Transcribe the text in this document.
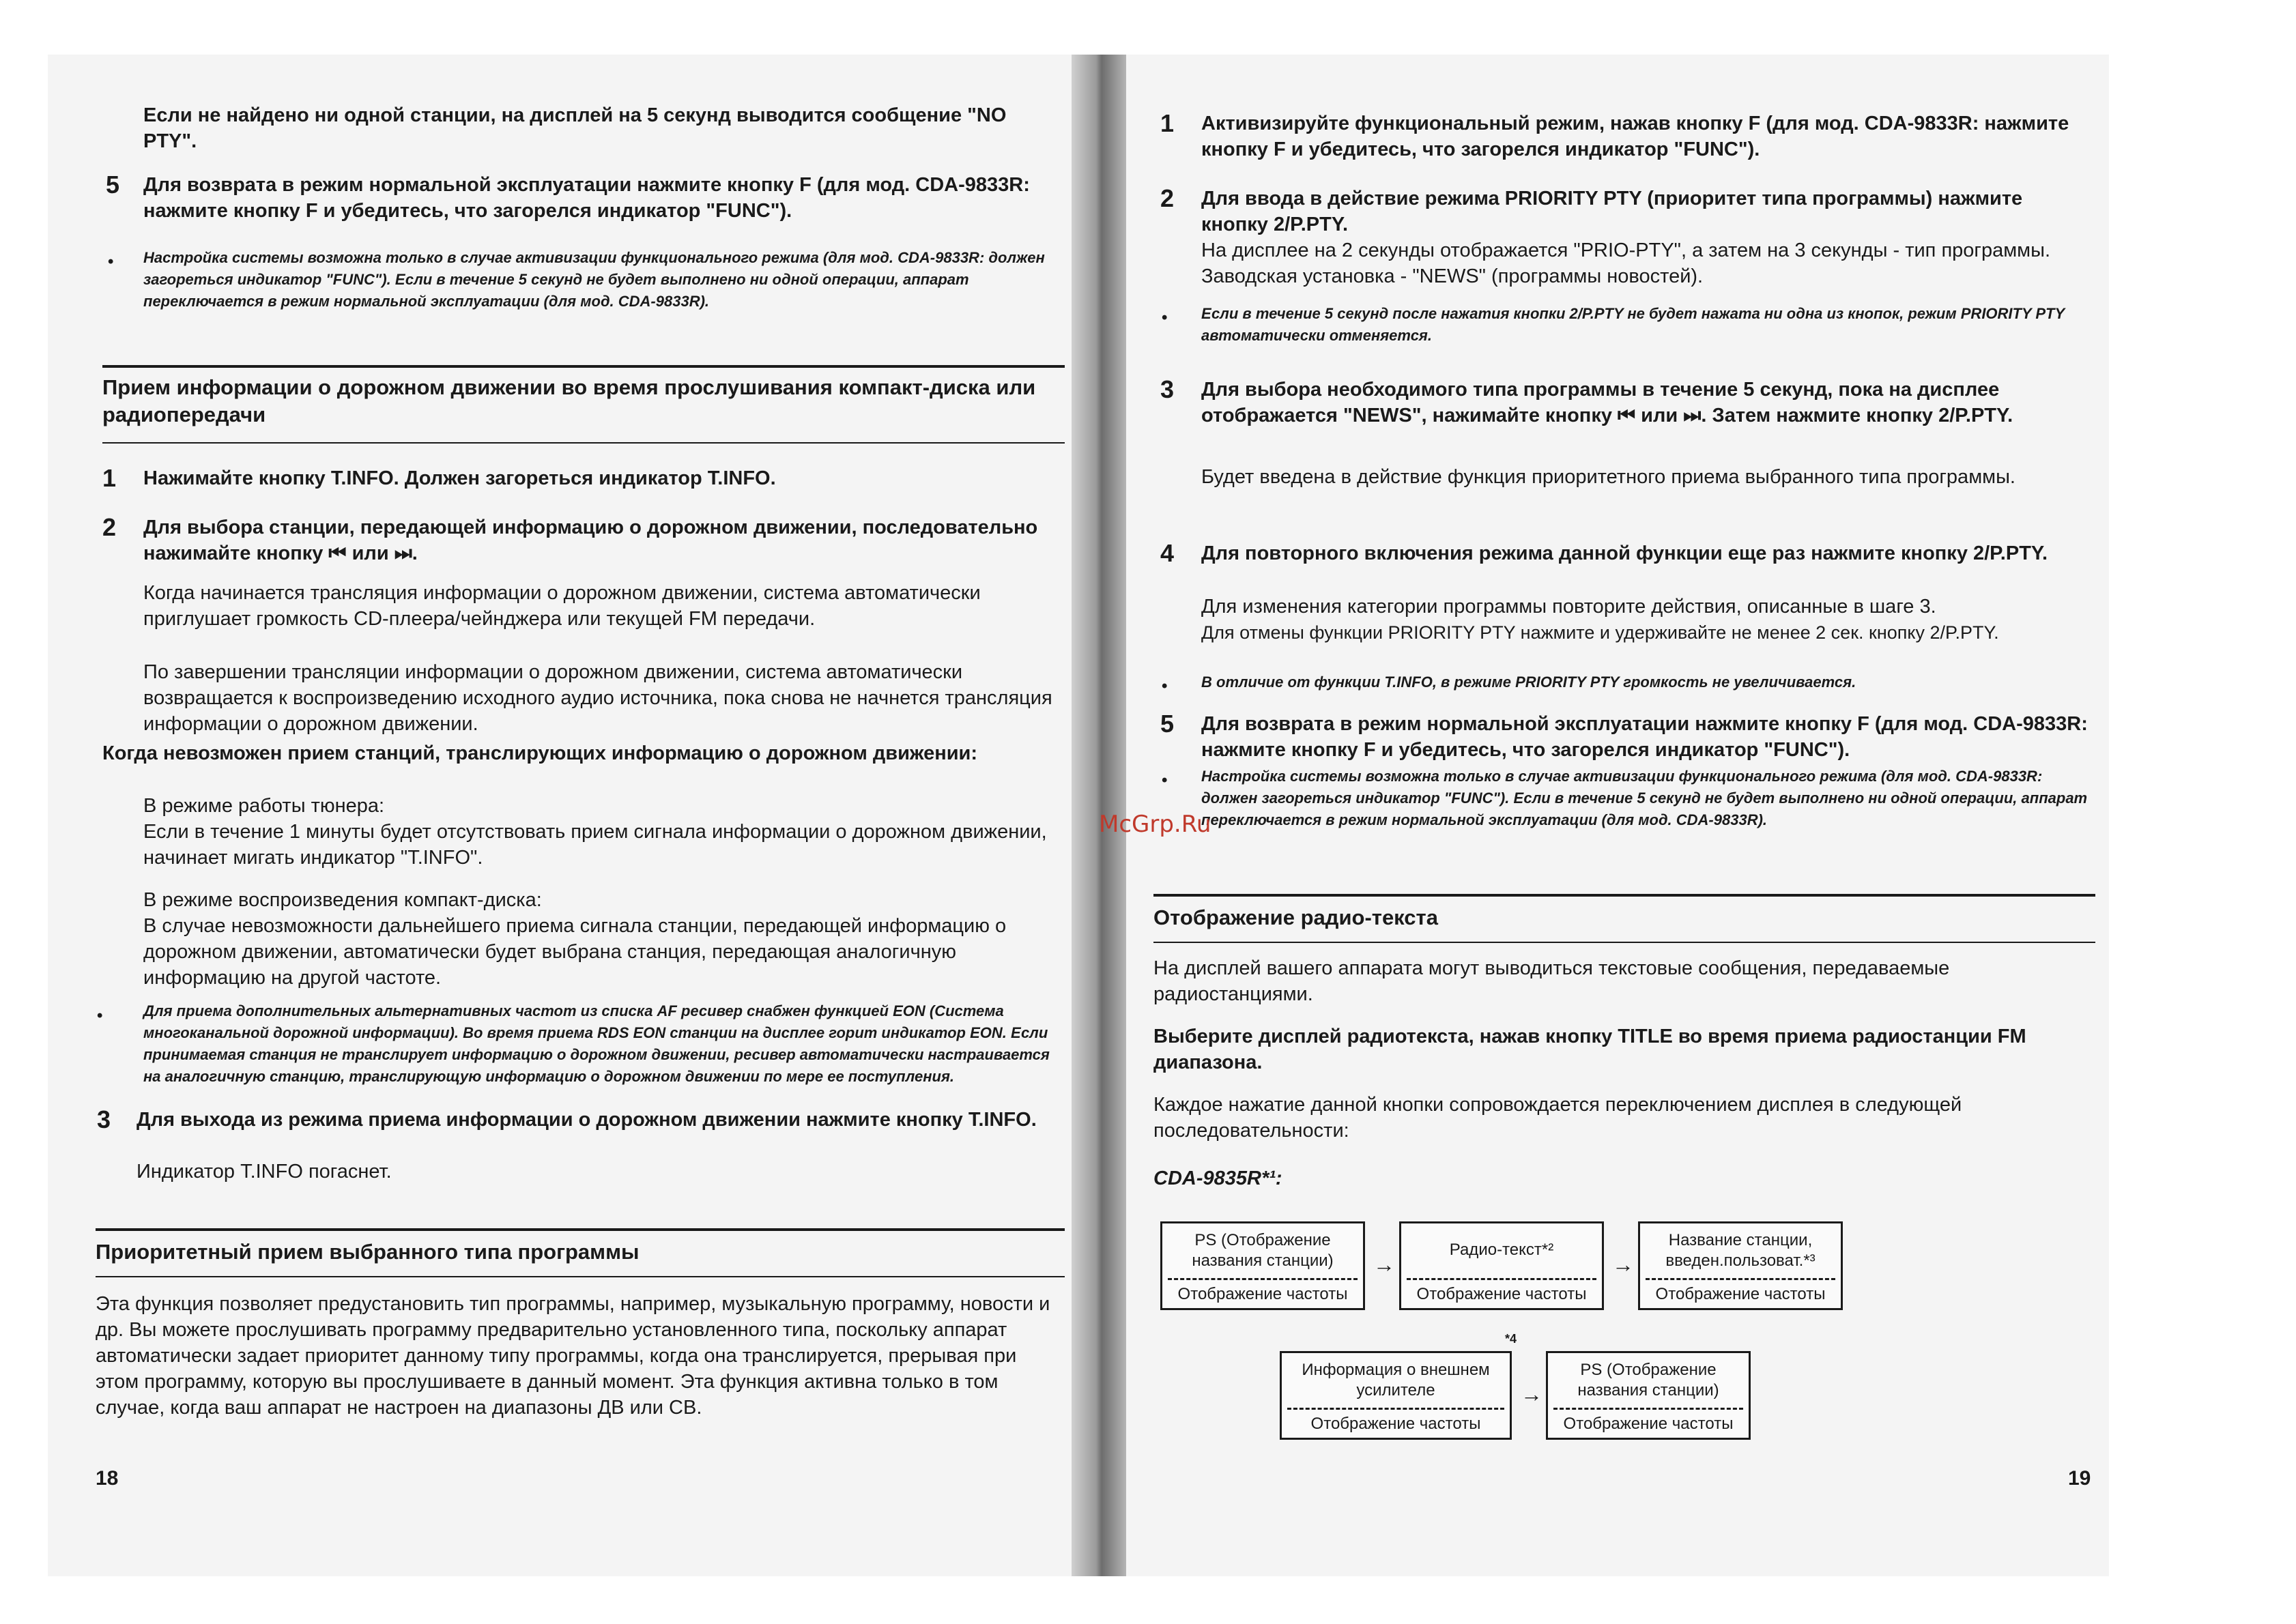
Если не найдено ни одной станции, на дисплей на 5 секунд выводится сообщение "NO PTY".

5 Для возврата в режим нормальной эксплуатации нажмите кнопку F (для мод. CDA-9833R: нажмите кнопку F и убедитесь, что загорелся индикатор "FUNC").

• Настройка системы возможна только в случае активизации функционального режима (для мод. CDA-9833R: должен загореться индикатор "FUNC"). Если в течение 5 секунд не будет выполнено ни одной операции, аппарат переключается в режим нормальной эксплуатации (для мод. CDA-9833R).

Прием информации о дорожном движении во время прослушивания компакт-диска или радиопередачи

1 Нажимайте кнопку T.INFO. Должен загореться индикатор T.INFO.

2 Для выбора станции, передающей информацию о дорожном движении, последовательно нажимайте кнопку ⏮ или ⏭.

Когда начинается трансляция информации о дорожном движении, система автоматически приглушает громкость CD-плеера/чейнджера или текущей FM передачи.

По завершении трансляции информации о дорожном движении, система автоматически возвращается к воспроизведению исходного аудио источника, пока снова не начнется трансляция информации о дорожном движении.

Когда невозможен прием станций, транслирующих информацию о дорожном движении:

В режиме работы тюнера:

Если в течение 1 минуты будет отсутствовать прием сигнала информации о дорожном движении, начинает мигать индикатор "T.INFO".

В режиме воспроизведения компакт-диска:

В случае невозможности дальнейшего приема сигнала станции, передающей информацию о дорожном движении, автоматически будет выбрана станция, передающая аналогичную информацию на другой частоте.

•	Для приема дополнительных альтернативных частот из списка AF ресивер снабжен функцией EON (Система многоканальной дорожной информации). Во время приема RDS EON станции на дисплее горит индикатор EON. Если принимаемая станция не транслирует информацию о дорожном движении, ресивер автоматически настраивается на аналогичную станцию, транслирующую информацию о дорожном движении по мере ее поступления.

3 Для выхода из режима приема информации о дорожном движении нажмите кнопку T.INFO.

Индикатор T.INFO погаснет.

Приоритетный прием выбранного типа программы

Эта функция позволяет предустановить тип программы, например, музыкальную программу, новости и др. Вы можете прослушивать программу предварительно установленного типа, поскольку аппарат автоматически задает приоритет данному типу программы, когда она транслируется, прерывая при этом программу, которую вы прослушиваете в данный момент. Эта функция активна только в том случае, когда ваш аппарат не настроен на диапазоны ДВ или СВ.

18
1 Активизируйте функциональный режим, нажав кнопку F (для мод. CDA-9833R: нажмите кнопку F и убедитесь, что загорелся индикатор "FUNC").

2 Для ввода в действие режима PRIORITY PTY (приоритет типа программы) нажмите кнопку 2/P.PTY.

На дисплее на 2 секунды отображается "PRIO-PTY", а затем на 3 секунды - тип программы. Заводская установка - "NEWS" (программы новостей).

• Если в течение 5 секунд после нажатия кнопки 2/P.PTY не будет нажата ни одна из кнопок, режим PRIORITY PTY автоматически отменяется.

3 Для выбора необходимого типа программы в течение 5 секунд, пока на дисплее отображается "NEWS", нажимайте кнопку ⏮ или ⏭. Затем нажмите кнопку 2/P.PTY.

Будет введена в действие функция приоритетного приема выбранного типа программы.

4 Для повторного включения режима данной функции еще раз нажмите кнопку 2/P.PTY.

Для изменения категории программы повторите действия, описанные в шаге 3.

Для отмены функции PRIORITY PTY нажмите и удерживайте не менее 2 сек. кнопку 2/P.PTY.

• В отличие от функции T.INFO, в режиме PRIORITY PTY громкость не увеличивается.

5 Для возврата в режим нормальной эксплуатации нажмите кнопку F (для мод. CDA-9833R: нажмите кнопку F и убедитесь, что загорелся индикатор "FUNC").

• Настройка системы возможна только в случае активизации функционального режима (для мод. CDA-9833R: должен загореться индикатор "FUNC"). Если в течение 5 секунд не будет выполнено ни одной операции, аппарат переключается в режим нормальной эксплуатации (для мод. CDA-9833R).

Отображение радио-текста

На дисплей вашего аппарата могут выводиться текстовые сообщения, передаваемые радиостанциями.

Выберите дисплей радиотекста, нажав кнопку TITLE во время приема радиостанции FM диапазона.

Каждое нажатие данной кнопки сопровождается переключением дисплея в следующей последовательности:

CDA-9835R*¹:

PS (Отображение названия станции)
Отображение частоты
→
Радио-текст*²
Отображение частоты
→
Название станции, введен.пользоват.*³
Отображение частоты
*4
Информация о внешнем усилителе
Отображение частоты
→
PS (Отображение названия станции)
Отображение частоты
19
McGrp.Ru
